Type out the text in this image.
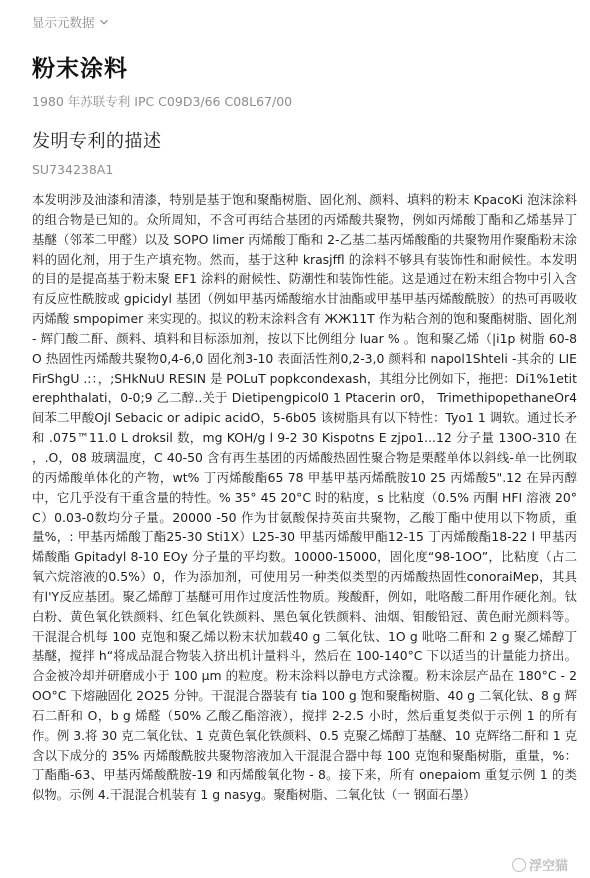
显示元数据
粉末涂料
1980 年苏联专利 IPC C09D3/66 C08L67/00
发明专利的描述
SU734238A1

本发明涉及油漆和清漆，特别是基于饱和聚酯树脂、固化剂、颜料、填料的粉末 KpacoKi 泡沫涂料的组合物是已知的。众所周知，不含可再结合基团的丙烯酸共聚物，例如丙烯酸丁酯和乙烯基异丁基醚（邻苯二甲醛）以及 SOPO limer 丙烯酸丁酯和 2-乙基二基丙烯酸酯的共聚物用作聚酯粉末涂料的固化剂，用于生产填充物。然而，基于这种 krasjffl 的涂料不够具有装饰性和耐候性。本发明的目的是提高基于粉末聚 EF1 涂料的耐候性、防潮性和装饰性能。这是通过在粉末组合物中引入含有反应性酰胺或 gpicidyl 基团（例如甲基丙烯酸缩水甘油酯或甲基甲基丙烯酸酰胺）的热可再吸收丙烯酸 smpopimer 来实现的。拟议的粉末涂料含有 ЖЖ11T 作为粘合剂的饱和聚酯树脂、固化剂 - 辉门酸二酐、颜料、填料和目标添加剂，按以下比例组分 luar % 。饱和聚乙烯（|i1p 树脂 60-8O 热固性丙烯酸共聚物0,4-6,0 固化剂3-10 表面活性剂0,2-3,0 颜料和 napol1Shteli -其余的 LIEFirShgU .:：，;SHkNuU RESIN 是 POLuT popkcondexash，其组分比例如下，拖把：Di1%1etit erephthalati，0-0;9 乙二醇..关于 Dietipengpicol0 1 Ptacerin or0， TrimethipopethaneOr4 间苯二甲酸Ojl Sebacic or adipic acidO，5-6b05 该树脂具有以下特性：Tyo1 1 调软。通过长矛和 .075™11.0 L droksil 数，mg KOH/g l 9-2 30 Kispotns E zjpo1...12 分子量 130O-310 在 ，.O，08 玻璃温度，C 40-50 含有再生基团的丙烯酸热固性聚合物是栗醛单体以斜线-单一比例取的丙烯酸单体化的产物，wt% 丁丙烯酸酯65 78 甲基甲基丙烯酰胺10 25 丙烯酸5".12 在异丙醇中，它几乎没有干重含量的特性。% 35° 45 20°C 时的粘度，s 比粘度（0.5% 丙酮 HFI 溶液 20°C）0.03-0数均分子量。20000 -50 作为甘氨酸保持英亩共聚物，乙酸丁酯中使用以下物质，重量%，: 甲基丙烯酸丁酯25-30 Sti1X）L25-30 甲基丙烯酸甲酯12-15 丁丙烯酸酯18-22 l 甲基丙烯酸酯 Gpitadyl 8-10 EOy 分子量的平均数。10000-15000，固化度“98-1OO”，比粘度（占二氧六烷溶液的0.5%）0，作为添加剂，可使用另一种类似类型的丙烯酸热固性conoraiMep，其具有l'Y反应基团。聚乙烯醇丁基醚可用作过度活性物质。羧酸酐，例如，吡咯酸二酐用作硬化剂。钛白粉、黄色氧化铁颜料、红色氧化铁颜料、黑色氧化铁颜料、油烟、钼酸铅冠、黄色耐光颜料等。干混混合机每 100 克饱和聚乙烯以粉末状加载40 g 二氧化钛、1O g 吡咯二酐和 2 g 聚乙烯醇丁基醚，搅拌 h“将成品混合物装入挤出机计量料斗，然后在 100-140°C 下以适当的计量能力挤出。合金被冷却并研磨成小于 100 μm 的粒度。粉末涂料以静电方式涂覆。粉末涂层产品在 180°C - 2OO°C 下熔融固化 2O25 分钟。干混混合器装有 tia 100 g 饱和聚酯树脂、40 g 二氧化钛、8 g 辉石二酐和 O，b g 烯醛（50% 乙酸乙酯溶液），搅拌 2-2.5 小时，然后重复类似于示例 1 的所有作。例 3.将 30 克二氧化钛、1 克黄色氧化铁颜料、0.5 克聚乙烯醇丁基醚、10 克辉络二酐和 1 克含以下成分的 35% 丙烯酸酰胺共聚物溶液加入干混混合器中每 100 克饱和聚酯树脂，重量，%：丁酯酯-63、甲基丙烯酸酰胺-19 和丙烯酸氧化物 - 8。接下来，所有 onepaiom 重复示例 1 的类似物。示例 4.干混混合机装有 1 g nasyg。聚酯树脂、二氧化钛（一 钢面石墨）

浮空猫
